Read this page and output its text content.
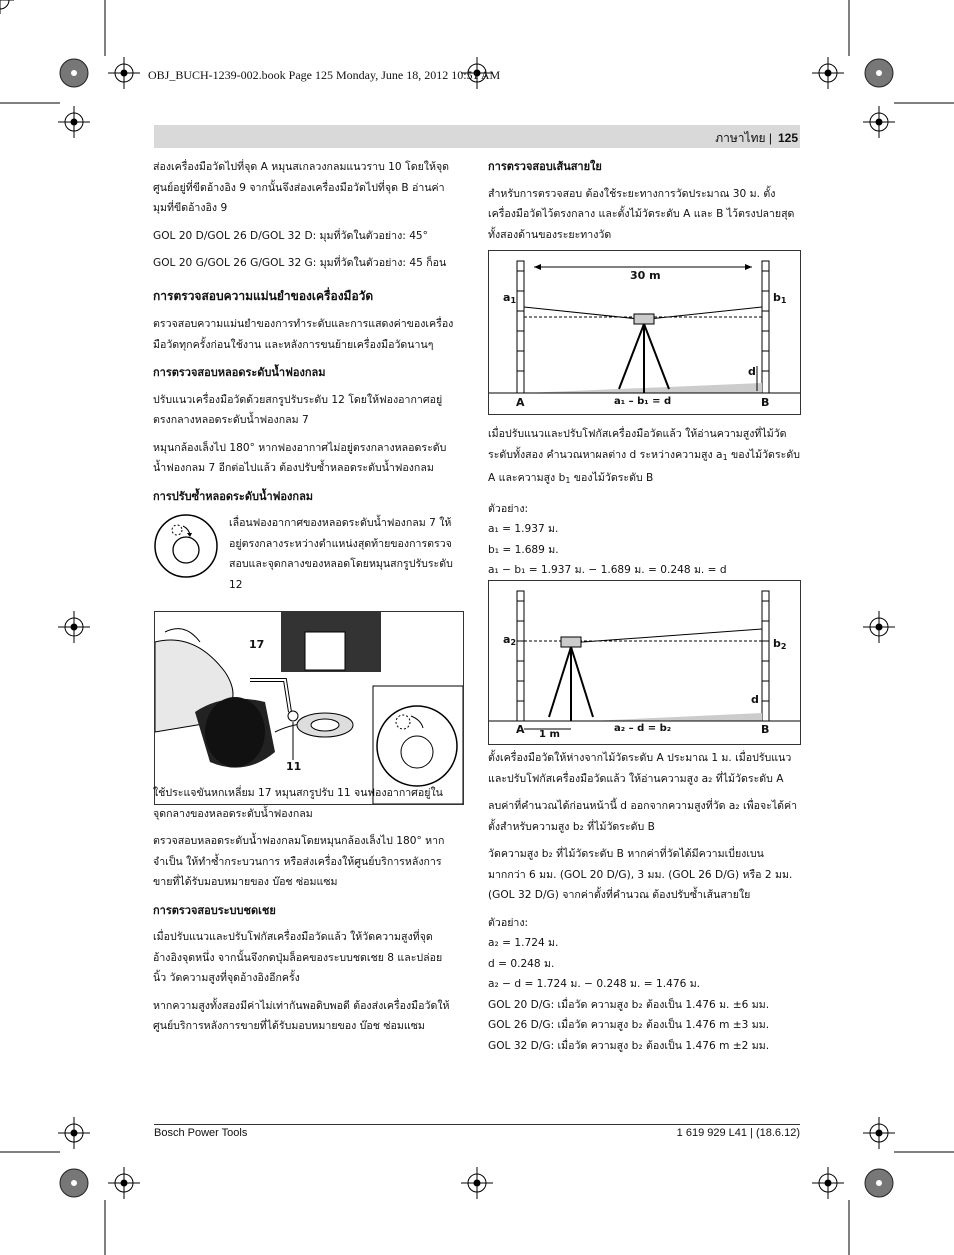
OBJ_BUCH-1239-002.book Page 125 Monday, June 18, 2012 10:51 AM
ภาษาไทย | 125

ส่องเครื่องมือวัดไปที่จุด A หมุนสเกลวงกลมแนวราบ 10 โดยให้จุดศูนย์อยู่ที่ขีดอ้างอิง 9 จากนั้นจึงส่องเครื่องมือวัดไปที่จุด B อ่านค่ามุมที่ขีดอ้างอิง 9

GOL 20 D/GOL 26 D/GOL 32 D: มุมที่วัดในตัวอย่าง: 45°

GOL 20 G/GOL 26 G/GOL 32 G: มุมที่วัดในตัวอย่าง: 45 ก็อน

การตรวจสอบความแม่นยำของเครื่องมือวัด

ตรวจสอบความแม่นยำของการทำระดับและการแสดงค่าของเครื่องมือวัดทุกครั้งก่อนใช้งาน และหลังการขนย้ายเครื่องมือวัดนานๆ

การตรวจสอบหลอดระดับน้ำฟองกลม

ปรับแนวเครื่องมือวัดด้วยสกรูปรับระดับ 12 โดยให้ฟองอากาศอยู่ตรงกลางหลอดระดับน้ำฟองกลม 7

หมุนกล้องเล็งไป 180° หากฟองอากาศไม่อยู่ตรงกลางหลอดระดับน้ำฟองกลม 7 อีกต่อไปแล้ว ต้องปรับซ้ำหลอดระดับน้ำฟองกลม

การปรับซ้ำหลอดระดับน้ำฟองกลม

เลื่อนฟองอากาศของหลอดระดับน้ำฟองกลม 7 ให้อยู่ตรงกลางระหว่างตำแหน่งสุดท้ายของการตรวจสอบและจุดกลางของหลอดโดยหมุนสกรูปรับระดับ 12

17
11

ใช้ประแจขันหกเหลี่ยม 17 หมุนสกรูปรับ 11 จนฟองอากาศอยู่ในจุดกลางของหลอดระดับน้ำฟองกลม

ตรวจสอบหลอดระดับน้ำฟองกลมโดยหมุนกล้องเล็งไป 180° หากจำเป็น ให้ทำซ้ำกระบวนการ หรือส่งเครื่องให้ศูนย์บริการหลังการขายที่ได้รับมอบหมายของ บ๊อช ซ่อมแซม

การตรวจสอบระบบชดเชย

เมื่อปรับแนวและปรับโฟกัสเครื่องมือวัดแล้ว ให้วัดความสูงที่จุดอ้างอิงจุดหนึ่ง จากนั้นจึงกดปุ่มล็อคของระบบชดเชย 8 และปล่อยนิ้ว วัดความสูงที่จุดอ้างอิงอีกครั้ง

หากความสูงทั้งสองมีค่าไม่เท่ากันพอดิบพอดี ต้องส่งเครื่องมือวัดให้ศูนย์บริการหลังการขายที่ได้รับมอบหมายของ บ๊อช ซ่อมแซม

การตรวจสอบเส้นสายใย

สำหรับการตรวจสอบ ต้องใช้ระยะทางการวัดประมาณ 30 ม. ตั้งเครื่องมือวัดไว้ตรงกลาง และตั้งไม้วัดระดับ A และ B ไว้ตรงปลายสุดทั้งสองด้านของระยะทางวัด

30 m
$a_1$	$b_1$
d
A	B
a₁ – b₁ = d

เมื่อปรับแนวและปรับโฟกัสเครื่องมือวัดแล้ว ให้อ่านความสูงที่ไม้วัดระดับทั้งสอง คำนวณหาผลต่าง d ระหว่างความสูง $a_1$ ของไม้วัดระดับ A และความสูง $b_1$ ของไม้วัดระดับ B

ตัวอย่าง:

a₁ = 1.937 ม.
b₁ = 1.689 ม.
a₁ − b₁ = 1.937 ม. − 1.689 ม. = 0.248 ม. = d
$a_2$	$b_2$
d
A	B
1 m
a₂ – d = b₂

ตั้งเครื่องมือวัดให้ห่างจากไม้วัดระดับ A ประมาณ 1 ม. เมื่อปรับแนวและปรับโฟกัสเครื่องมือวัดแล้ว ให้อ่านความสูง a₂ ที่ไม้วัดระดับ A

ลบค่าที่คำนวณได้ก่อนหน้านี้ d ออกจากความสูงที่วัด a₂ เพื่อจะได้ค่าตั้งสำหรับความสูง b₂ ที่ไม้วัดระดับ B

วัดความสูง b₂ ที่ไม้วัดระดับ B หากค่าที่วัดได้มีความเบี่ยงเบนมากกว่า 6 มม. (GOL 20 D/G), 3 มม. (GOL 26 D/G) หรือ 2 มม. (GOL 32 D/G) จากค่าตั้งที่คำนวณ ต้องปรับซ้ำเส้นสายใย

ตัวอย่าง:

a₂ = 1.724 ม.
d = 0.248 ม.
a₂ − d = 1.724 ม. − 0.248 ม. = 1.476 ม.
GOL 20 D/G: เมื่อวัด ความสูง b₂ ต้องเป็น 1.476 ม. ±6 มม.
GOL 26 D/G: เมื่อวัด ความสูง b₂ ต้องเป็น 1.476 m ±3 มม.
GOL 32 D/G: เมื่อวัด ความสูง b₂ ต้องเป็น 1.476 m ±2 มม.
Bosch Power Tools	1 619 929 L41 | (18.6.12)
